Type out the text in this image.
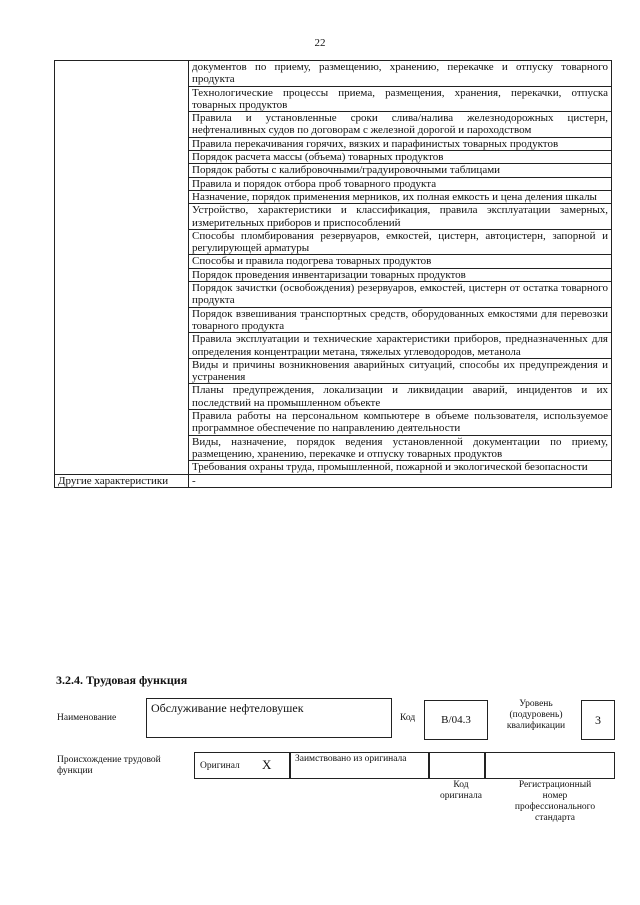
22
	документов по приему, размещению, хранению, перекачке и отпуску товарного продукта
	Технологические процессы приема, размещения, хранения, перекачки, отпуска товарных продуктов
	Правила и установленные сроки слива/налива железнодорожных цистерн, нефтеналивных судов по договорам с железной дорогой и пароходством
	Правила перекачивания горячих, вязких и парафинистых товарных продуктов
	Порядок расчета массы (объема) товарных продуктов
	Порядок работы с калибровочными/градуировочными таблицами
	Правила и порядок отбора проб товарного продукта
	Назначение, порядок применения мерников, их полная емкость и цена деления шкалы
	Устройство, характеристики и классификация, правила эксплуатации замерных, измерительных приборов и приспособлений
	Способы пломбирования резервуаров, емкостей, цистерн, автоцистерн, запорной и регулирующей арматуры
	Способы и правила подогрева товарных продуктов
	Порядок проведения инвентаризации товарных продуктов
	Порядок зачистки (освобождения) резервуаров, емкостей, цистерн от остатка товарного продукта
	Порядок взвешивания транспортных средств, оборудованных емкостями для перевозки товарного продукта
	Правила эксплуатации и технические характеристики приборов, предназначенных для определения концентрации метана, тяжелых углеводородов, метанола
	Виды и причины возникновения аварийных ситуаций, способы их предупреждения и устранения
	Планы предупреждения, локализации и ликвидации аварий, инцидентов и их последствий на промышленном объекте
	Правила работы на персональном компьютере в объеме пользователя, используемое программное обеспечение по направлению деятельности
	Виды, назначение, порядок ведения установленной документации по приему, размещению, хранению, перекачке и отпуску товарных продуктов
	Требования охраны труда, промышленной, пожарной и экологической безопасности
Другие характеристики	-
3.2.4. Трудовая функция
Наименование
Обслуживание нефтеловушек
Код	B/04.3
Уровень (подуровень) квалификации	3
Происхождение трудовой функции	Оригинал X Заимствовано из оригинала
Код оригинала
Регистрационный номер профессионального стандарта
